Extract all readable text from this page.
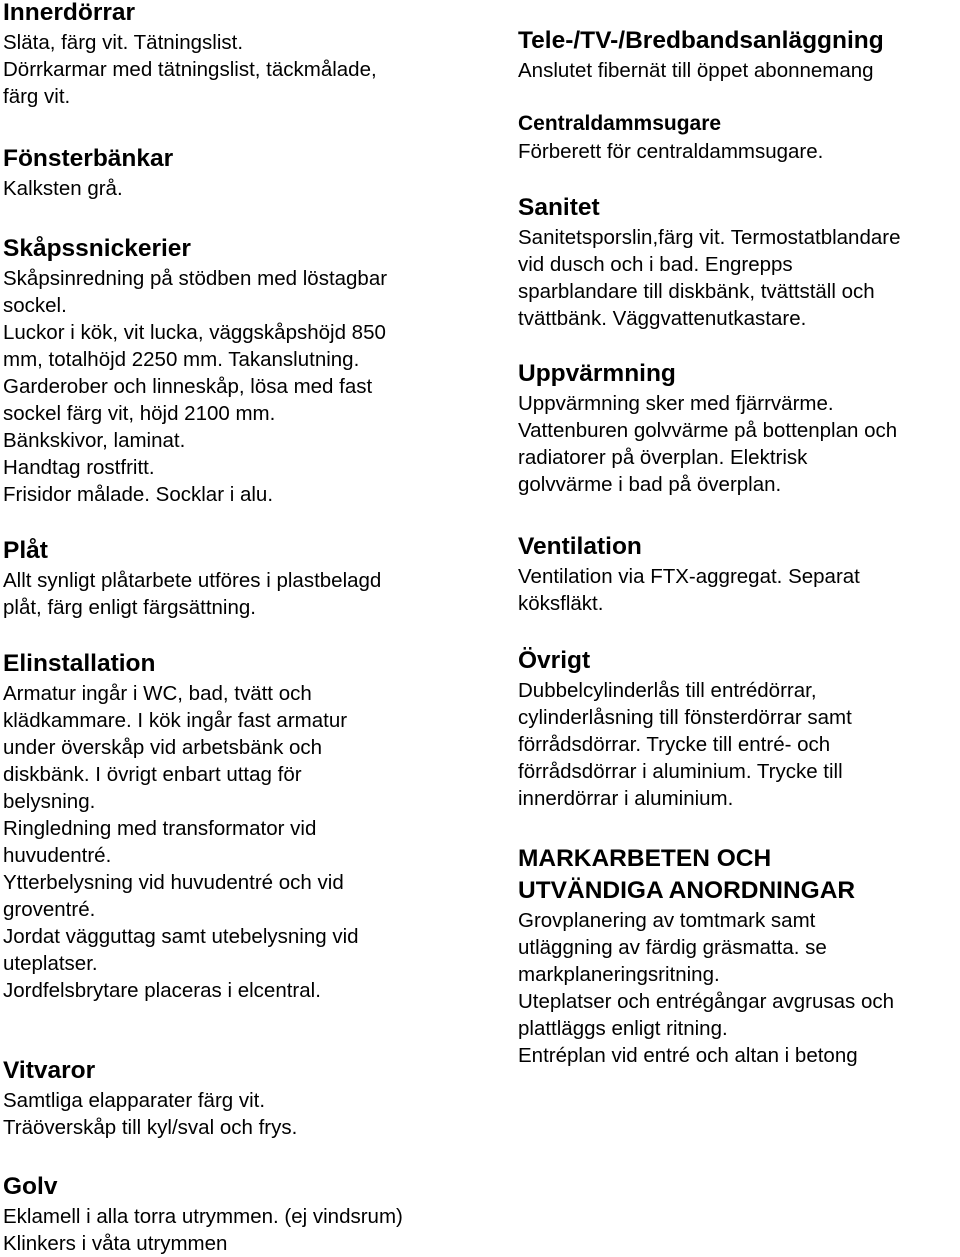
Innerdörrar

Släta, färg vit. Tätningslist.

Dörrkarmar med tätningslist, täckmålade,

färg vit.

Fönsterbänkar

Kalksten grå.

Skåpssnickerier

Skåpsinredning på stödben med löstagbar

sockel.

Luckor i kök, vit lucka, väggskåpshöjd 850

mm, totalhöjd 2250 mm. Takanslutning.

Garderober och linneskåp, lösa med fast

sockel färg vit, höjd 2100 mm.

Bänkskivor, laminat.

Handtag rostfritt.

Frisidor målade. Socklar i alu.

Plåt

Allt synligt plåtarbete utföres i plastbelagd

plåt, färg enligt färgsättning.

Elinstallation

Armatur ingår i WC, bad, tvätt och

klädkammare. I kök ingår fast armatur

under överskåp vid arbetsbänk och

diskbänk. I övrigt enbart uttag för

belysning.

Ringledning med transformator vid

huvudentré.

Ytterbelysning vid huvudentré och vid

groventré.

Jordat vägguttag samt utebelysning vid

uteplatser.

Jordfelsbrytare placeras i elcentral.

Vitvaror

Samtliga elapparater färg vit.

Träöverskåp till kyl/sval och frys.

Golv

Eklamell i alla torra utrymmen. (ej vindsrum)

Klinkers i våta utrymmen

Tele-/TV-/Bredbandsanläggning

Anslutet fibernät till öppet abonnemang

Centraldammsugare

Förberett för centraldammsugare.

Sanitet

Sanitetsporslin,färg vit. Termostatblandare

vid dusch och i bad. Engrepps

sparblandare till diskbänk, tvättställ och

tvättbänk. Väggvattenutkastare.

Uppvärmning

Uppvärmning sker med fjärrvärme.

Vattenburen golvvärme på bottenplan och

radiatorer på överplan. Elektrisk

golvvärme i bad på överplan.

Ventilation

Ventilation via FTX-aggregat. Separat

köksfläkt.

Övrigt

Dubbelcylinderlås till entrédörrar,

cylinderlåsning till fönsterdörrar samt

förrådsdörrar. Trycke till entré- och

förrådsdörrar i aluminium. Trycke till

innerdörrar i aluminium.

MARKARBETEN OCH

UTVÄNDIGA ANORDNINGAR

Grovplanering av tomtmark samt

utläggning av färdig gräsmatta. se

markplaneringsritning.

Uteplatser och entrégångar avgrusas och

plattläggs enligt ritning.

Entréplan vid entré och altan i betong
